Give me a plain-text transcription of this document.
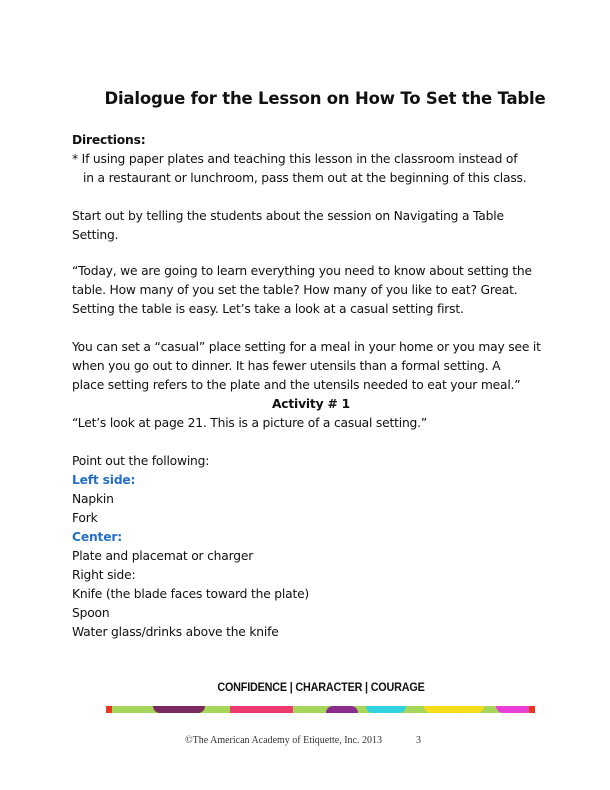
Dialogue for the Lesson on How To Set the Table
Directions:
* If using paper plates and teaching this lesson in the classroom instead of
in a restaurant or lunchroom, pass them out at the beginning of this class.
Start out by telling the students about the session on Navigating a Table
Setting.
“Today, we are going to learn everything you need to know about setting the
table. How many of you set the table? How many of you like to eat? Great.
Setting the table is easy. Let’s take a look at a casual setting first.
You can set a “casual” place setting for a meal in your home or you may see it
when you go out to dinner. It has fewer utensils than a formal setting. A
place setting refers to the plate and the utensils needed to eat your meal.”
Activity # 1
“Let’s look at page 21. This is a picture of a casual setting.”
Point out the following:
Left side:
Napkin
Fork
Center:
Plate and placemat or charger
Right side:
Knife (the blade faces toward the plate)
Spoon
Water glass/drinks above the knife
CONFIDENCE | CHARACTER | COURAGE
©The American Academy of Etiquette, Inc. 2013	3
